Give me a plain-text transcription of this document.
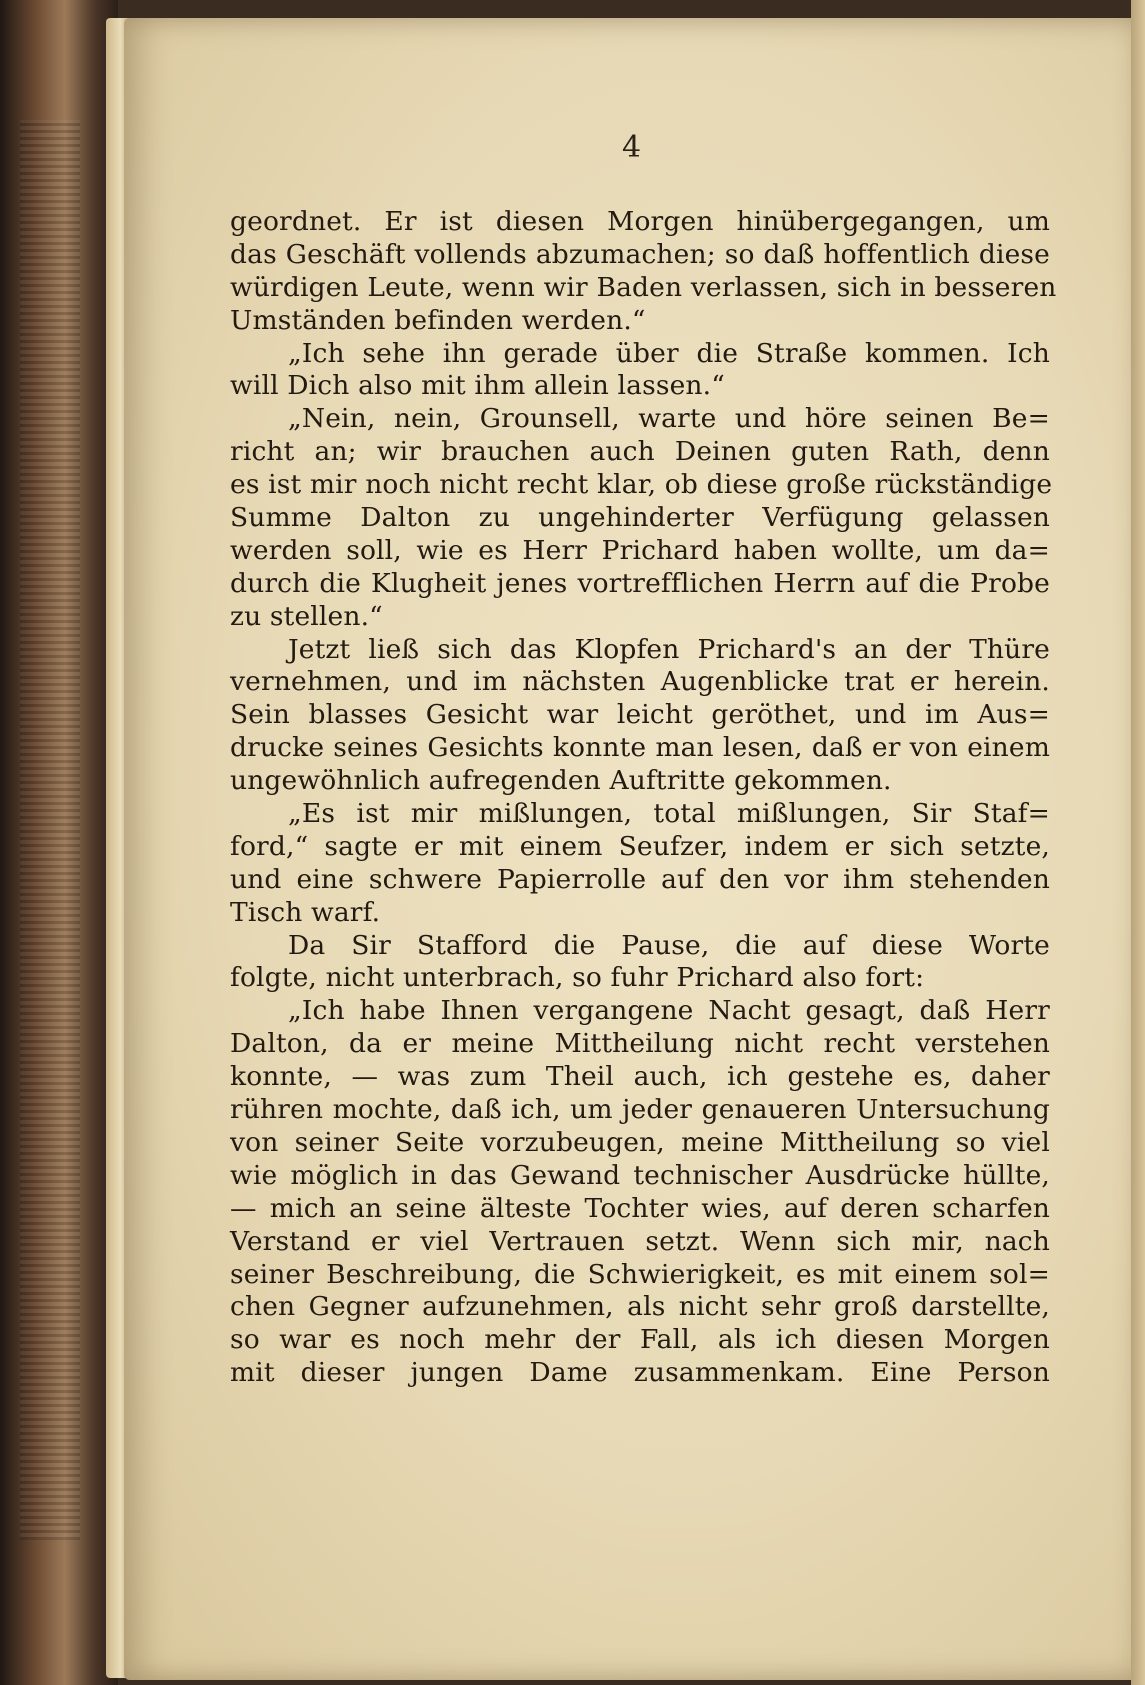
4
geordnet. Er ist diesen Morgen hinübergegangen, um
das Geschäft vollends abzumachen; so daß hoffentlich diese
würdigen Leute, wenn wir Baden verlassen, sich in besseren
Umständen befinden werden.“
„Ich sehe ihn gerade über die Straße kommen. Ich
will Dich also mit ihm allein lassen.“
„Nein, nein, Grounsell, warte und höre seinen Be=
richt an; wir brauchen auch Deinen guten Rath, denn
es ist mir noch nicht recht klar, ob diese große rückständige
Summe Dalton zu ungehinderter Verfügung gelassen
werden soll, wie es Herr Prichard haben wollte, um da=
durch die Klugheit jenes vortrefflichen Herrn auf die Probe
zu stellen.“
Jetzt ließ sich das Klopfen Prichard's an der Thüre
vernehmen, und im nächsten Augenblicke trat er herein.
Sein blasses Gesicht war leicht geröthet, und im Aus=
drucke seines Gesichts konnte man lesen, daß er von einem
ungewöhnlich aufregenden Auftritte gekommen.
„Es ist mir mißlungen, total mißlungen, Sir Staf=
ford,“ sagte er mit einem Seufzer, indem er sich setzte,
und eine schwere Papierrolle auf den vor ihm stehenden
Tisch warf.
Da Sir Stafford die Pause, die auf diese Worte
folgte, nicht unterbrach, so fuhr Prichard also fort:
„Ich habe Ihnen vergangene Nacht gesagt, daß Herr
Dalton, da er meine Mittheilung nicht recht verstehen
konnte, — was zum Theil auch, ich gestehe es, daher
rühren mochte, daß ich, um jeder genaueren Untersuchung
von seiner Seite vorzubeugen, meine Mittheilung so viel
wie möglich in das Gewand technischer Ausdrücke hüllte,
— mich an seine älteste Tochter wies, auf deren scharfen
Verstand er viel Vertrauen setzt. Wenn sich mir, nach
seiner Beschreibung, die Schwierigkeit, es mit einem sol=
chen Gegner aufzunehmen, als nicht sehr groß darstellte,
so war es noch mehr der Fall, als ich diesen Morgen
mit dieser jungen Dame zusammenkam. Eine Person
